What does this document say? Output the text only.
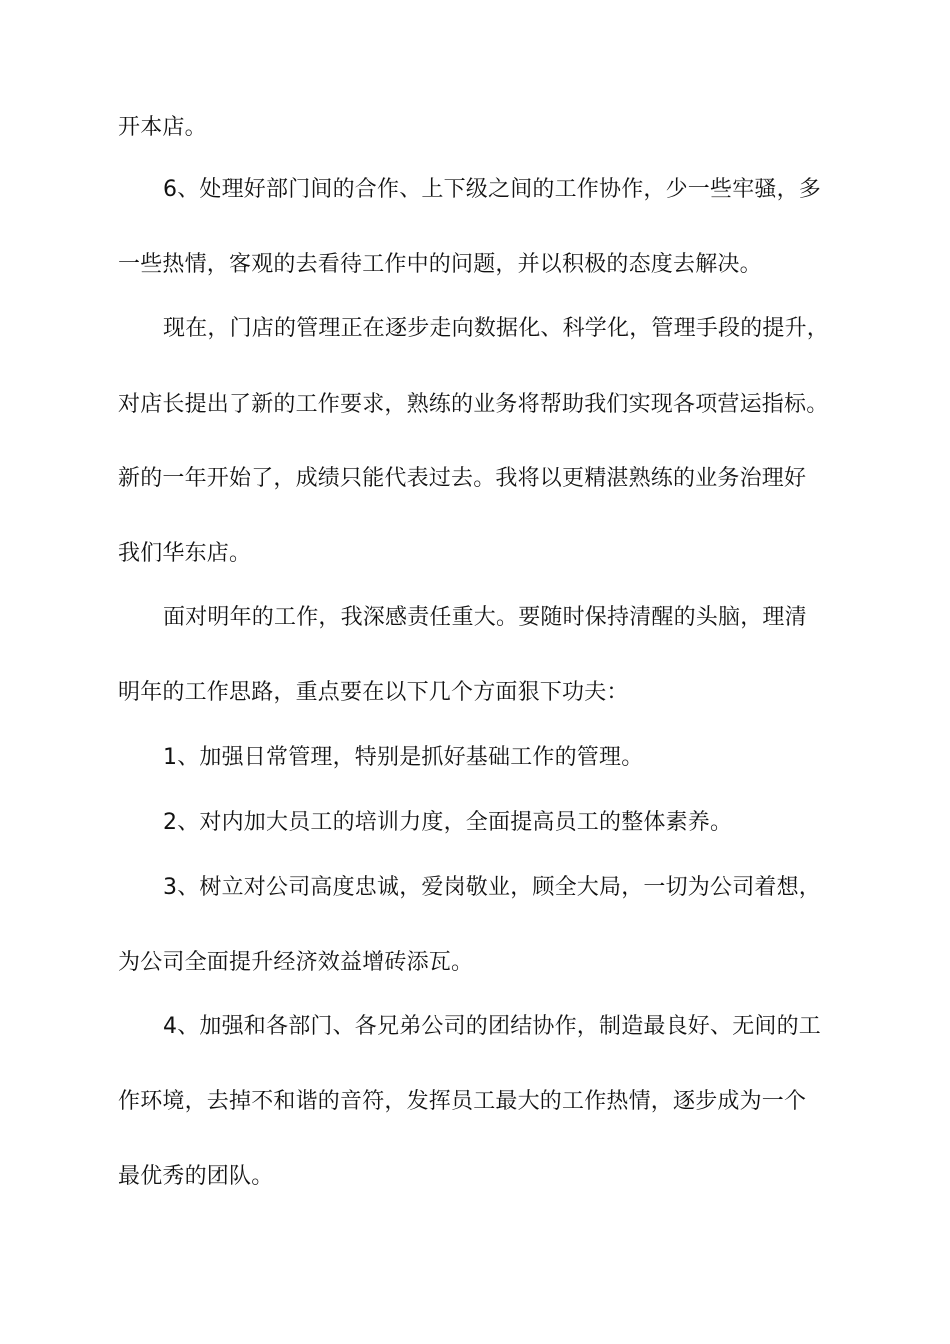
开本店。
6、处理好部门间的合作、上下级之间的工作协作，少一些牢骚，多
一些热情，客观的去看待工作中的问题，并以积极的态度去解决。
现在，门店的管理正在逐步走向数据化、科学化，管理手段的提升，
对店长提出了新的工作要求，熟练的业务将帮助我们实现各项营运指标。
新的一年开始了，成绩只能代表过去。我将以更精湛熟练的业务治理好
我们华东店。
面对明年的工作，我深感责任重大。要随时保持清醒的头脑，理清
明年的工作思路，重点要在以下几个方面狠下功夫：
1、加强日常管理，特别是抓好基础工作的管理。
2、对内加大员工的培训力度，全面提高员工的整体素养。
3、树立对公司高度忠诚，爱岗敬业，顾全大局，一切为公司着想，
为公司全面提升经济效益增砖添瓦。
4、加强和各部门、各兄弟公司的团结协作，制造最良好、无间的工
作环境，去掉不和谐的音符，发挥员工最大的工作热情，逐步成为一个
最优秀的团队。
